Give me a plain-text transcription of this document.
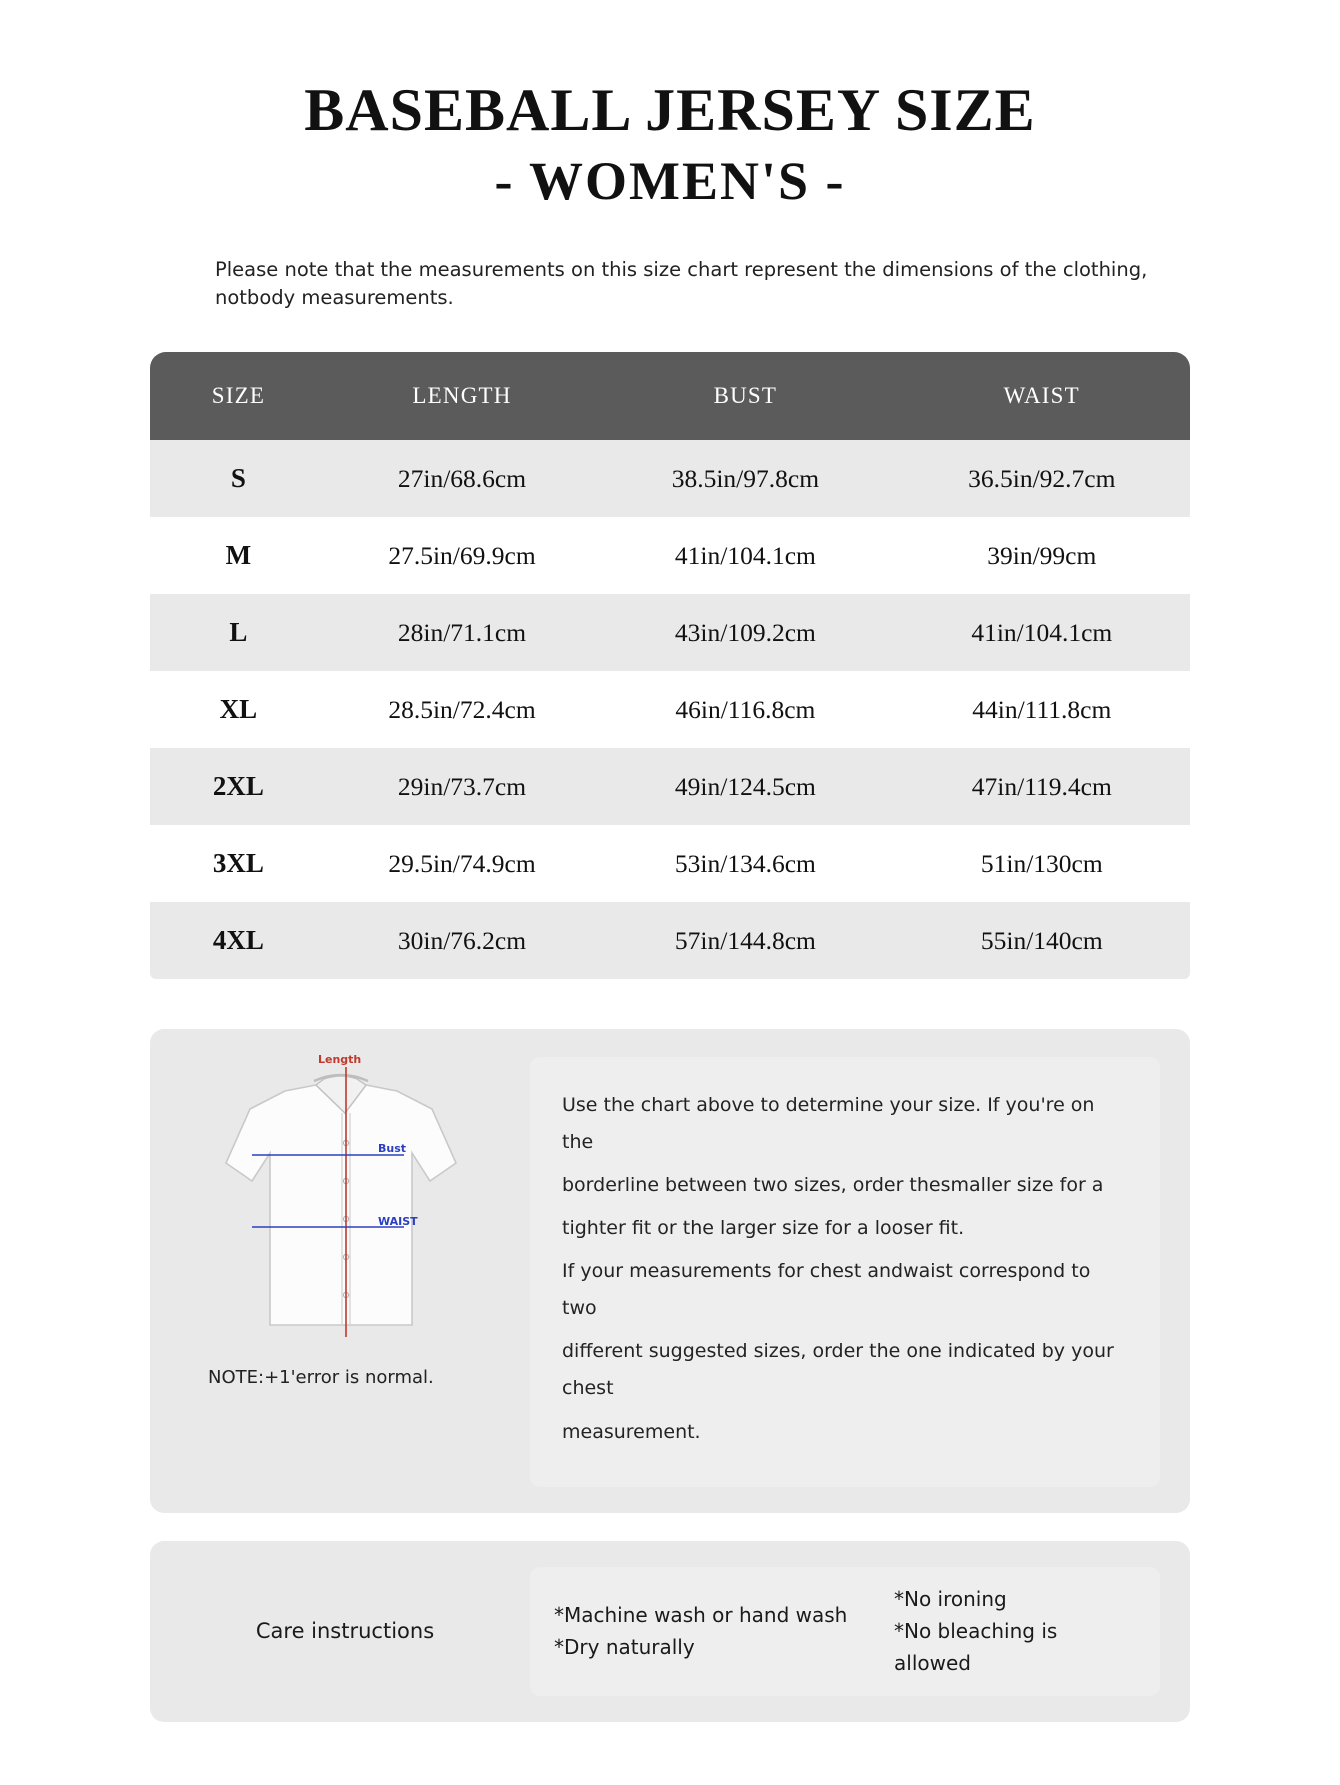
BASEBALL JERSEY SIZE
- WOMEN'S -
Please note that the measurements on this size chart represent the dimensions of the clothing, notbody measurements.
SIZE	LENGTH	BUST	WAIST
S	27in/68.6cm	38.5in/97.8cm	36.5in/92.7cm
M	27.5in/69.9cm	41in/104.1cm	39in/99cm
L	28in/71.1cm	43in/109.2cm	41in/104.1cm
XL	28.5in/72.4cm	46in/116.8cm	44in/111.8cm
2XL	29in/73.7cm	49in/124.5cm	47in/119.4cm
3XL	29.5in/74.9cm	53in/134.6cm	51in/130cm
4XL	30in/76.2cm	57in/144.8cm	55in/140cm
Length
Bust
WAIST
NOTE:+1'error is normal.

Use the chart above to determine your size. If you're on the

borderline between two sizes, order thesmaller size for a

tighter fit or the larger size for a looser fit.

If your measurements for chest andwaist correspond to two

different suggested sizes, order the one indicated by your chest

measurement.

Care instructions
*Machine wash or hand wash
*Dry naturally
*No ironing
*No bleaching is allowed
